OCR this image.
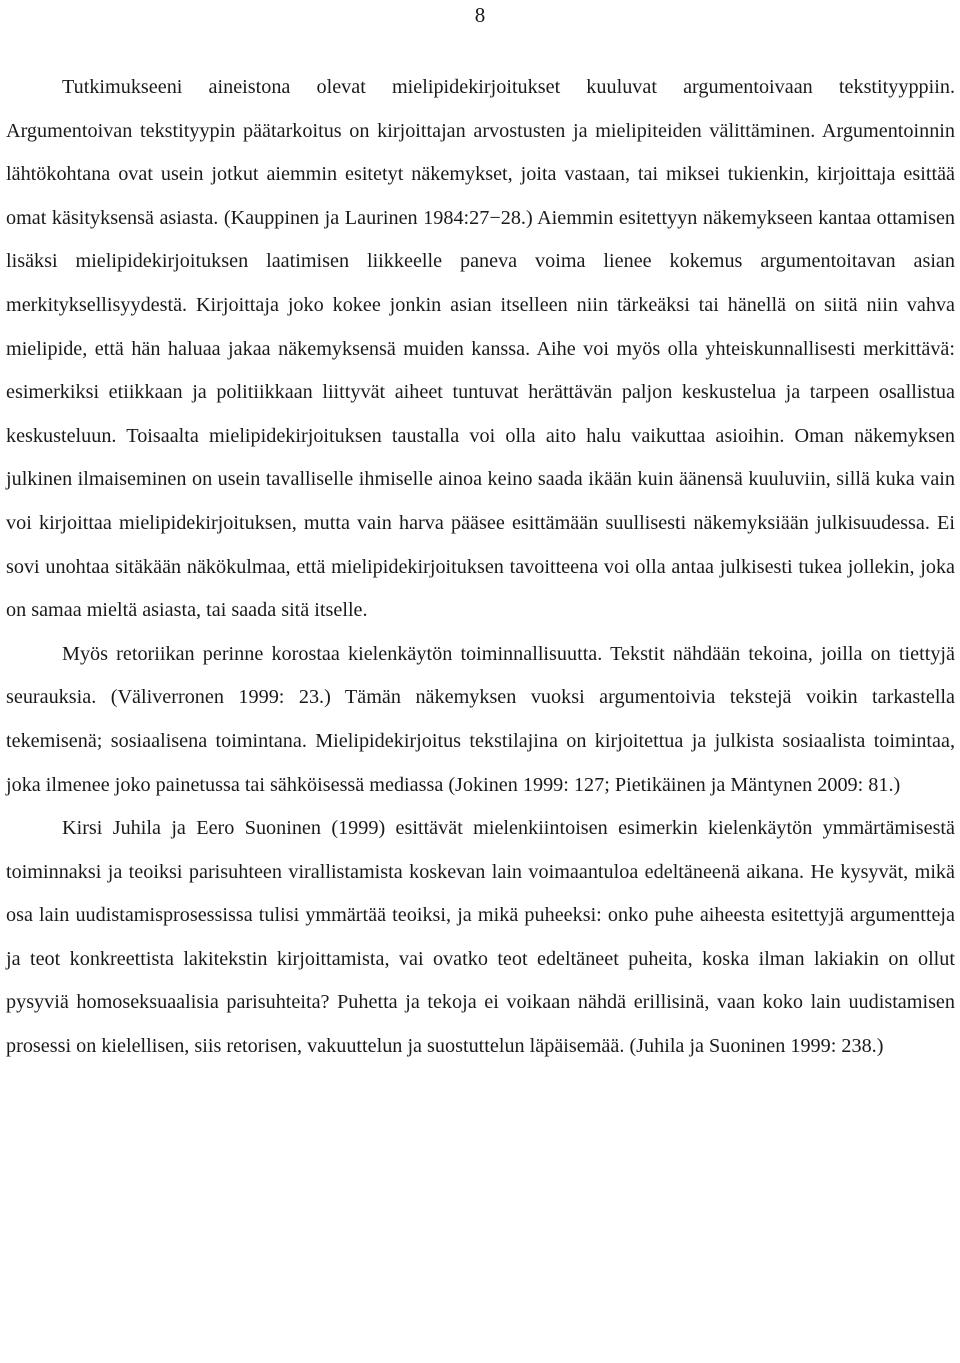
8

Tutkimukseeni aineistona olevat mielipidekirjoitukset kuuluvat argumentoivaan tekstityyppiin. Argumentoivan tekstityypin päätarkoitus on kirjoittajan arvostusten ja mielipiteiden välittäminen. Argumentoinnin lähtökohtana ovat usein jotkut aiemmin esitetyt näkemykset, joita vastaan, tai miksei tukienkin, kirjoittaja esittää omat käsityksensä asiasta. (Kauppinen ja Laurinen 1984:27−28.) Aiemmin esitettyyn näkemykseen kantaa ottamisen lisäksi mielipidekirjoituksen laatimisen liikkeelle paneva voima lienee kokemus argumentoitavan asian merkityksellisyydestä. Kirjoittaja joko kokee jonkin asian itselleen niin tärkeäksi tai hänellä on siitä niin vahva mielipide, että hän haluaa jakaa näkemyksensä muiden kanssa. Aihe voi myös olla yhteiskunnallisesti merkittävä: esimerkiksi etiikkaan ja politiikkaan liittyvät aiheet tuntuvat herättävän paljon keskustelua ja tarpeen osallistua keskusteluun. Toisaalta mielipidekirjoituksen taustalla voi olla aito halu vaikuttaa asioihin. Oman näkemyksen julkinen ilmaiseminen on usein tavalliselle ihmiselle ainoa keino saada ikään kuin äänensä kuuluviin, sillä kuka vain voi kirjoittaa mielipidekirjoituksen, mutta vain harva pääsee esittämään suullisesti näkemyksiään julkisuudessa. Ei sovi unohtaa sitäkään näkökulmaa, että mielipidekirjoituksen tavoitteena voi olla antaa julkisesti tukea jollekin, joka on samaa mieltä asiasta, tai saada sitä itselle.

Myös retoriikan perinne korostaa kielenkäytön toiminnallisuutta. Tekstit nähdään tekoina, joilla on tiettyjä seurauksia. (Väliverronen 1999: 23.) Tämän näkemyksen vuoksi argumentoivia tekstejä voikin tarkastella tekemisenä; sosiaalisena toimintana. Mielipidekirjoitus tekstilajina on kirjoitettua ja julkista sosiaalista toimintaa, joka ilmenee joko painetussa tai sähköisessä mediassa (Jokinen 1999: 127; Pietikäinen ja Mäntynen 2009: 81.)

Kirsi Juhila ja Eero Suoninen (1999) esittävät mielenkiintoisen esimerkin kielenkäytön ymmärtämisestä toiminnaksi ja teoiksi parisuhteen virallistamista koskevan lain voimaantuloa edeltäneenä aikana. He kysyvät, mikä osa lain uudistamisprosessissa tulisi ymmärtää teoiksi, ja mikä puheeksi: onko puhe aiheesta esitettyjä argumentteja ja teot konkreettista lakitekstin kirjoittamista, vai ovatko teot edeltäneet puheita, koska ilman lakiakin on ollut pysyviä homoseksuaalisia parisuhteita? Puhetta ja tekoja ei voikaan nähdä erillisinä, vaan koko lain uudistamisen prosessi on kielellisen, siis retorisen, vakuuttelun ja suostuttelun läpäisemää. (Juhila ja Suoninen 1999: 238.)
